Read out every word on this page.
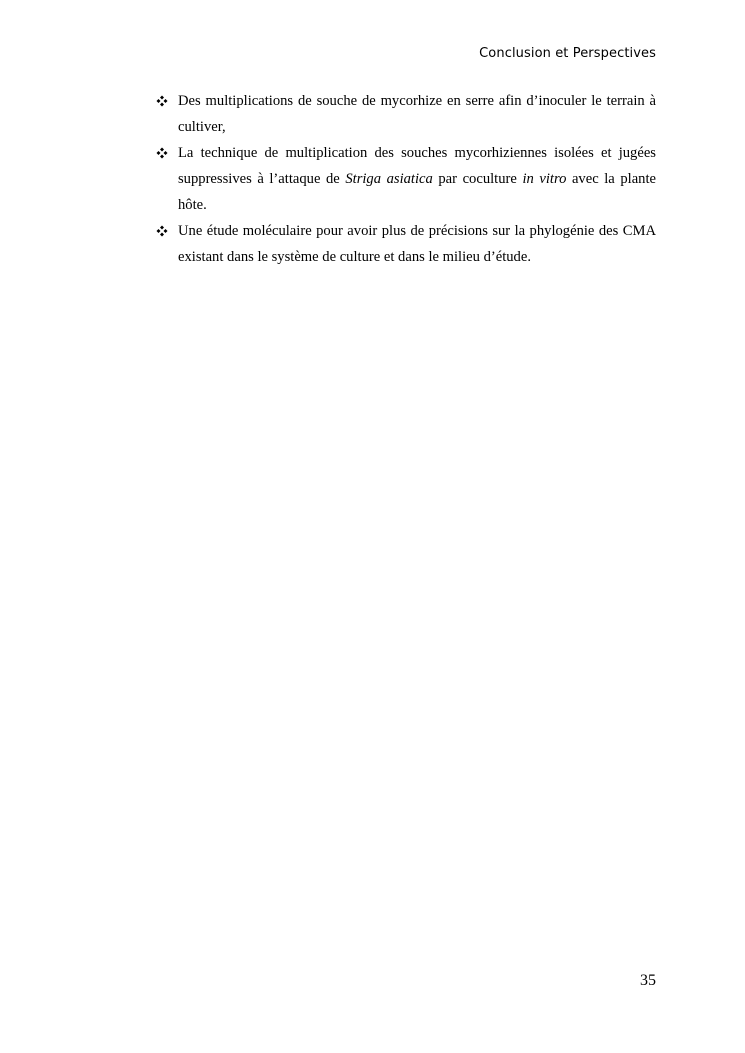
Conclusion et Perspectives
Des multiplications de souche de mycorhize en serre afin d’inoculer le terrain à cultiver,
La technique de multiplication des souches mycorhiziennes isolées et jugées suppressives à l’attaque de Striga asiatica par coculture in vitro avec la plante hôte.
Une étude moléculaire pour avoir plus de précisions sur la phylogénie des CMA existant dans le système de culture et dans le milieu d’étude.
35
